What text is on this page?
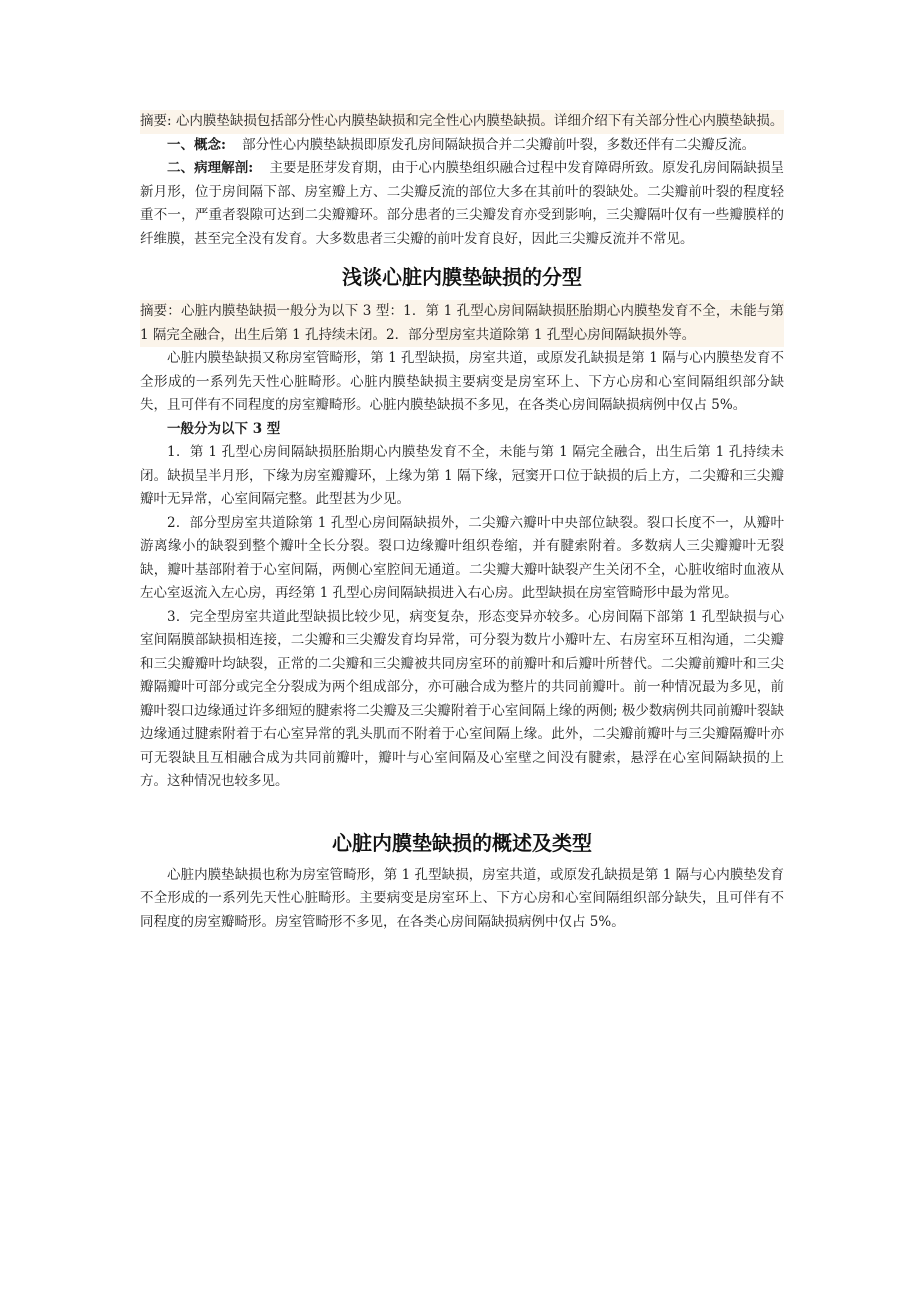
摘要: 心内膜垫缺损包括部分性心内膜垫缺损和完全性心内膜垫缺损。详细介绍下有关部分性心内膜垫缺损。

一、概念: 部分性心内膜垫缺损即原发孔房间隔缺损合并二尖瓣前叶裂，多数还伴有二尖瓣反流。

二、病理解剖: 主要是胚芽发育期，由于心内膜垫组织融合过程中发育障碍所致。原发孔房间隔缺损呈新月形，位于房间隔下部、房室瓣上方、二尖瓣反流的部位大多在其前叶的裂缺处。二尖瓣前叶裂的程度轻重不一，严重者裂隙可达到二尖瓣瓣环。部分患者的三尖瓣发育亦受到影响，三尖瓣隔叶仅有一些瓣膜样的纤维膜，甚至完全没有发育。大多数患者三尖瓣的前叶发育良好，因此三尖瓣反流并不常见。

浅谈心脏内膜垫缺损的分型

摘要：心脏内膜垫缺损一般分为以下 3 型：1．第 1 孔型心房间隔缺损胚胎期心内膜垫发育不全，未能与第 1 隔完全融合，出生后第 1 孔持续未闭。2．部分型房室共道除第 1 孔型心房间隔缺损外等。

心脏内膜垫缺损又称房室管畸形，第 1 孔型缺损，房室共道，或原发孔缺损是第 1 隔与心内膜垫发育不全形成的一系列先天性心脏畸形。心脏内膜垫缺损主要病变是房室环上、下方心房和心室间隔组织部分缺失，且可伴有不同程度的房室瓣畸形。心脏内膜垫缺损不多见，在各类心房间隔缺损病例中仅占 5%。

一般分为以下 3 型

1．第 1 孔型心房间隔缺损胚胎期心内膜垫发育不全，未能与第 1 隔完全融合，出生后第 1 孔持续未闭。缺损呈半月形，下缘为房室瓣瓣环，上缘为第 1 隔下缘，冠窦开口位于缺损的后上方，二尖瓣和三尖瓣瓣叶无异常，心室间隔完整。此型甚为少见。

2．部分型房室共道除第 1 孔型心房间隔缺损外，二尖瓣六瓣叶中央部位缺裂。裂口长度不一，从瓣叶游离缘小的缺裂到整个瓣叶全长分裂。裂口边缘瓣叶组织卷缩，并有腱索附着。多数病人三尖瓣瓣叶无裂缺，瓣叶基部附着于心室间隔，两侧心室腔间无通道。二尖瓣大瓣叶缺裂产生关闭不全，心脏收缩时血液从左心室返流入左心房，再经第 1 孔型心房间隔缺损进入右心房。此型缺损在房室管畸形中最为常见。

3．完全型房室共道此型缺损比较少见，病变复杂，形态变异亦较多。心房间隔下部第 1 孔型缺损与心室间隔膜部缺损相连接，二尖瓣和三尖瓣发育均异常，可分裂为数片小瓣叶左、右房室环互相沟通，二尖瓣和三尖瓣瓣叶均缺裂，正常的二尖瓣和三尖瓣被共同房室环的前瓣叶和后瓣叶所替代。二尖瓣前瓣叶和三尖瓣隔瓣叶可部分或完全分裂成为两个组成部分，亦可融合成为整片的共同前瓣叶。前一种情况最为多见，前瓣叶裂口边缘通过许多细短的腱索将二尖瓣及三尖瓣附着于心室间隔上缘的两侧; 极少数病例共同前瓣叶裂缺边缘通过腱索附着于右心室异常的乳头肌而不附着于心室间隔上缘。此外，二尖瓣前瓣叶与三尖瓣隔瓣叶亦可无裂缺且互相融合成为共同前瓣叶，瓣叶与心室间隔及心室壁之间没有腱索，悬浮在心室间隔缺损的上方。这种情况也较多见。

心脏内膜垫缺损的概述及类型

心脏内膜垫缺损也称为房室管畸形，第 1 孔型缺损，房室共道，或原发孔缺损是第 1 隔与心内膜垫发育不全形成的一系列先天性心脏畸形。主要病变是房室环上、下方心房和心室间隔组织部分缺失，且可伴有不同程度的房室瓣畸形。房室管畸形不多见，在各类心房间隔缺损病例中仅占 5%。
